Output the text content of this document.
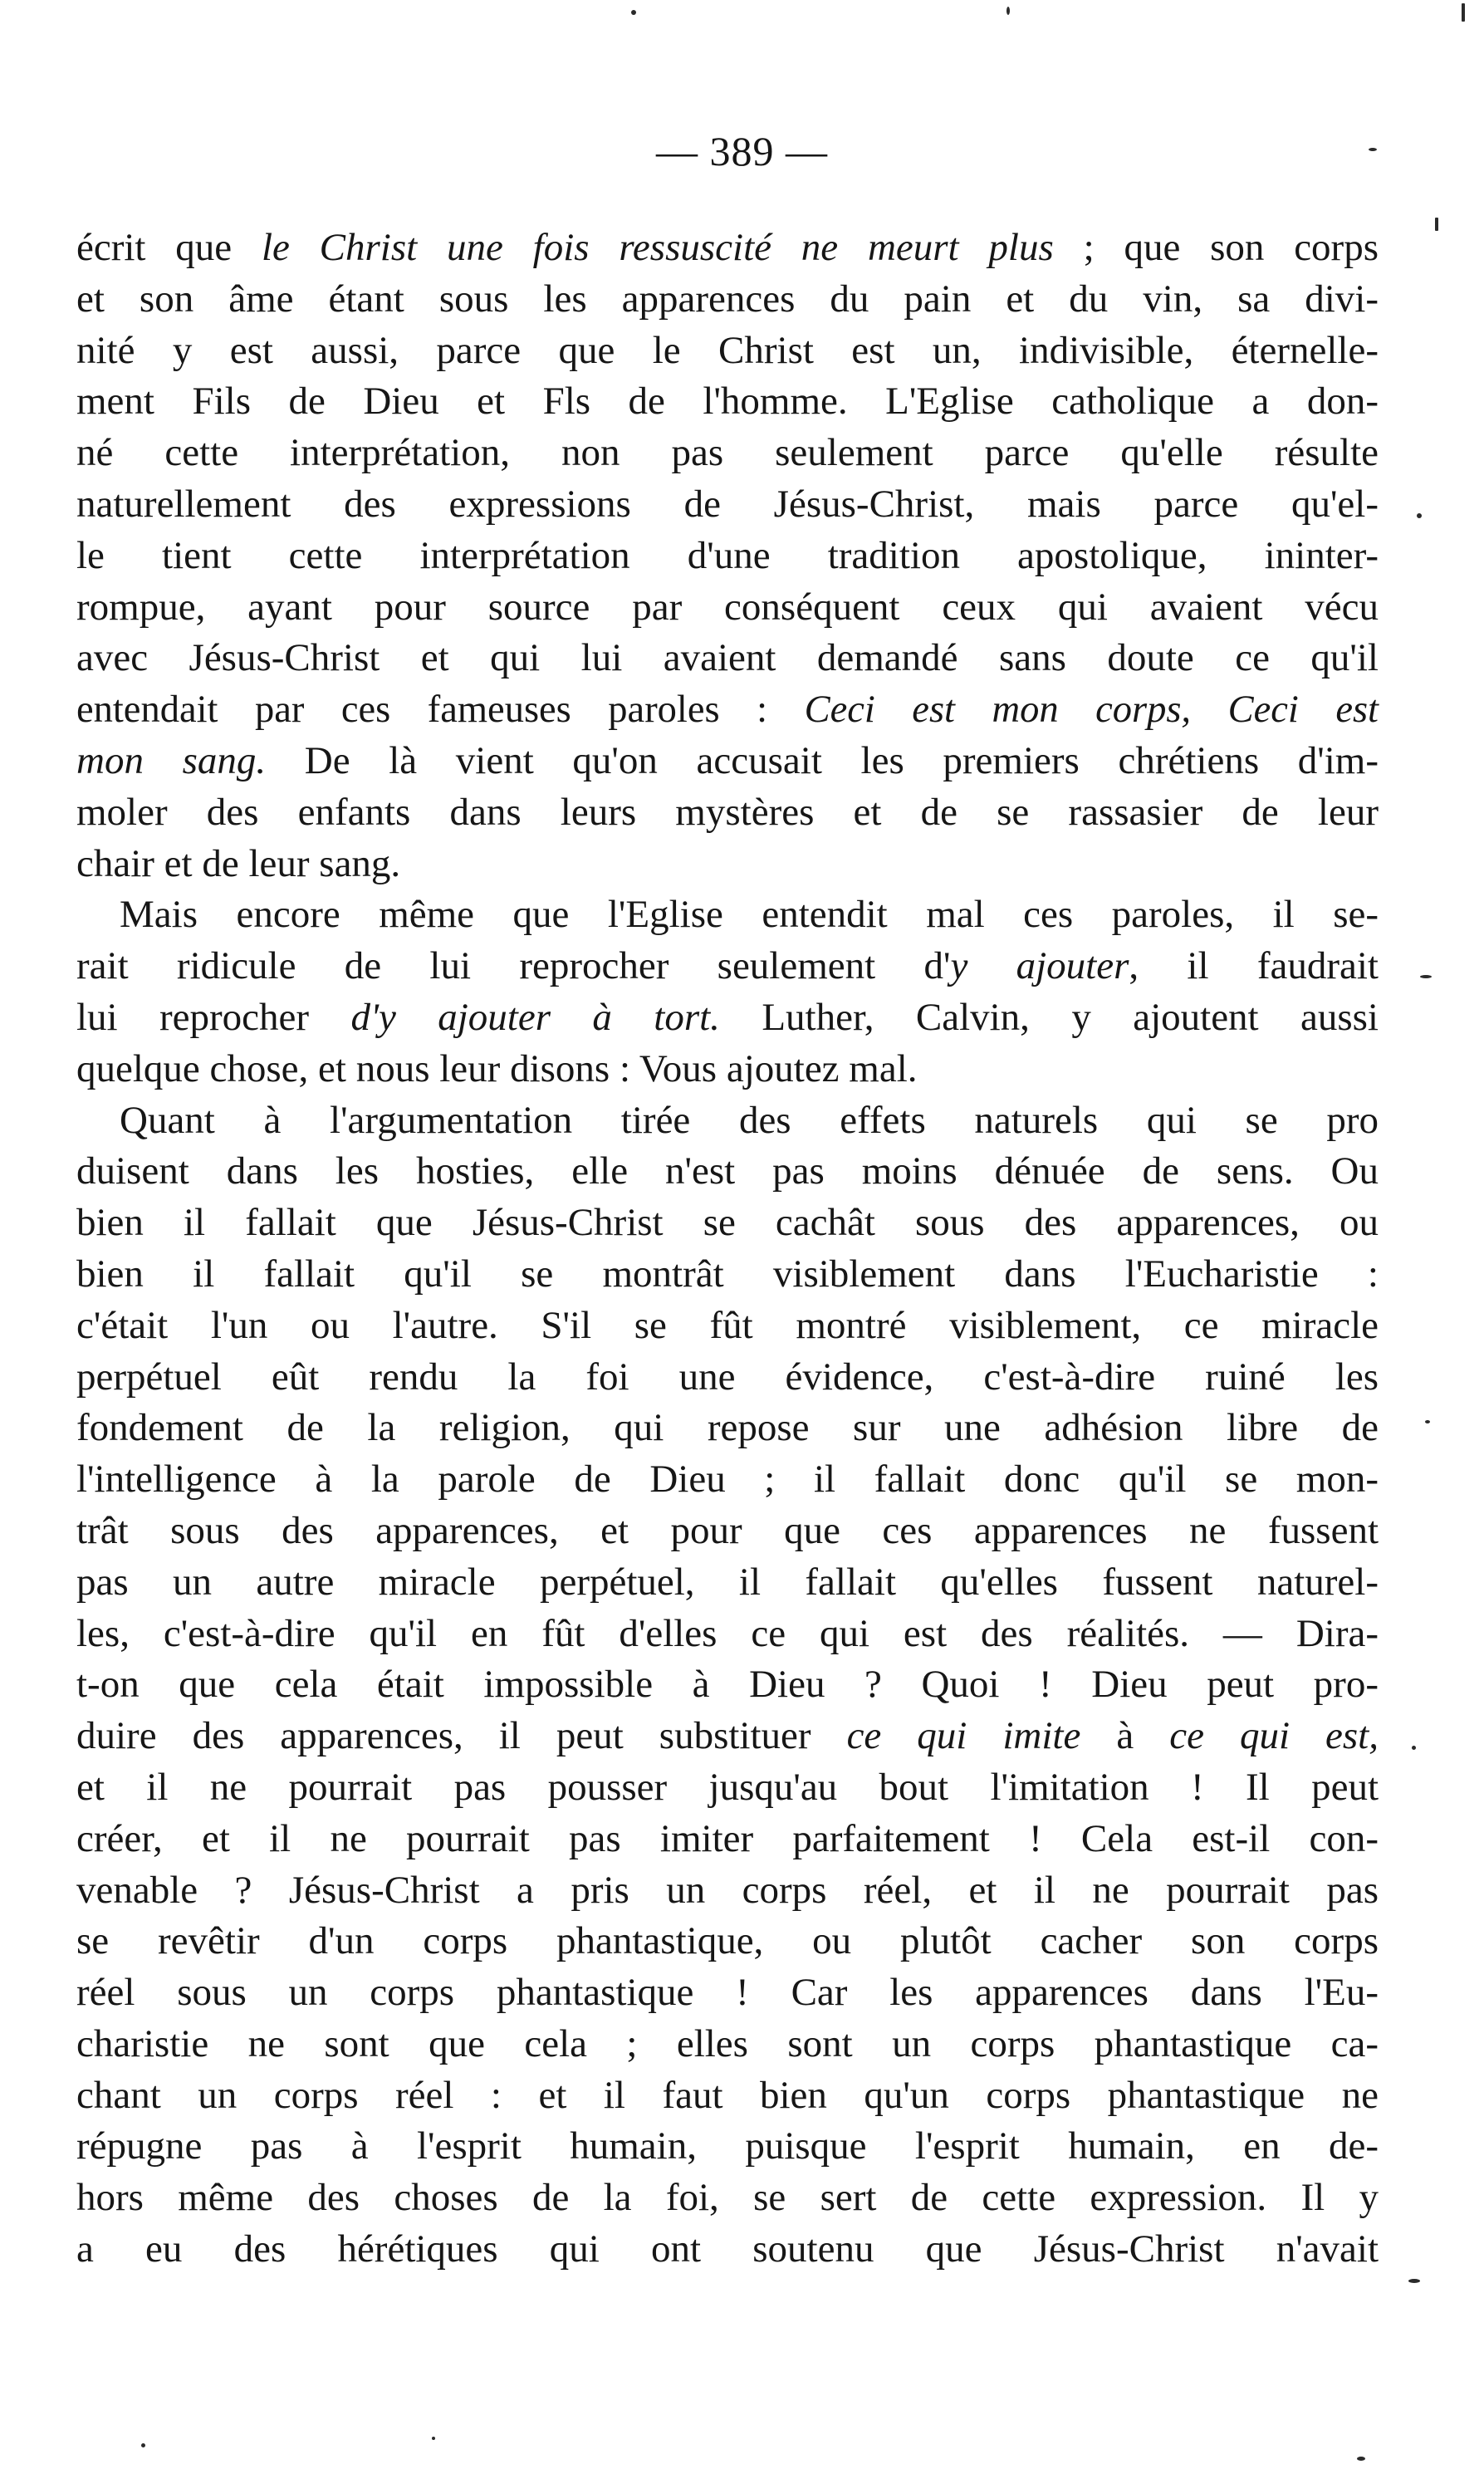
— 389 —
écrit que le Christ une fois ressuscité ne meurt plus ; que son corps
et son âme étant sous les apparences du pain et du vin, sa divi-
nité y est aussi, parce que le Christ est un, indivisible, éternelle-
ment Fils de Dieu et Fls de l'homme. L'Eglise catholique a don-
né cette interprétation, non pas seulement parce qu'elle résulte
naturellement des expressions de Jésus-Christ, mais parce qu'el-
le tient cette interprétation d'une tradition apostolique, ininter-
rompue, ayant pour source par conséquent ceux qui avaient vécu
avec Jésus-Christ et qui lui avaient demandé sans doute ce qu'il
entendait par ces fameuses paroles : Ceci est mon corps, Ceci est
mon sang. De là vient qu'on accusait les premiers chrétiens d'im-
moler des enfants dans leurs mystères et de se rassasier de leur
chair et de leur sang.
Mais encore même que l'Eglise entendit mal ces paroles, il se-
rait ridicule de lui reprocher seulement d'y ajouter, il faudrait
lui reprocher d'y ajouter à tort. Luther, Calvin, y ajoutent aussi
quelque chose, et nous leur disons : Vous ajoutez mal.
Quant à l'argumentation tirée des effets naturels qui se pro
duisent dans les hosties, elle n'est pas moins dénuée de sens. Ou
bien il fallait que Jésus-Christ se cachât sous des apparences, ou
bien il fallait qu'il se montrât visiblement dans l'Eucharistie :
c'était l'un ou l'autre. S'il se fût montré visiblement, ce miracle
perpétuel eût rendu la foi une évidence, c'est-à-dire ruiné les
fondement de la religion, qui repose sur une adhésion libre de
l'intelligence à la parole de Dieu ; il fallait donc qu'il se mon-
trât sous des apparences, et pour que ces apparences ne fussent
pas un autre miracle perpétuel, il fallait qu'elles fussent naturel-
les, c'est-à-dire qu'il en fût d'elles ce qui est des réalités. — Dira-
t-on que cela était impossible à Dieu ? Quoi ! Dieu peut pro-
duire des apparences, il peut substituer ce qui imite à ce qui est,
et il ne pourrait pas pousser jusqu'au bout l'imitation ! Il peut
créer, et il ne pourrait pas imiter parfaitement ! Cela est-il con-
venable ? Jésus-Christ a pris un corps réel, et il ne pourrait pas
se revêtir d'un corps phantastique, ou plutôt cacher son corps
réel sous un corps phantastique ! Car les apparences dans l'Eu-
charistie ne sont que cela ; elles sont un corps phantastique ca-
chant un corps réel : et il faut bien qu'un corps phantastique ne
répugne pas à l'esprit humain, puisque l'esprit humain, en de-
hors même des choses de la foi, se sert de cette expression. Il y
a eu des hérétiques qui ont soutenu que Jésus-Christ n'avait
